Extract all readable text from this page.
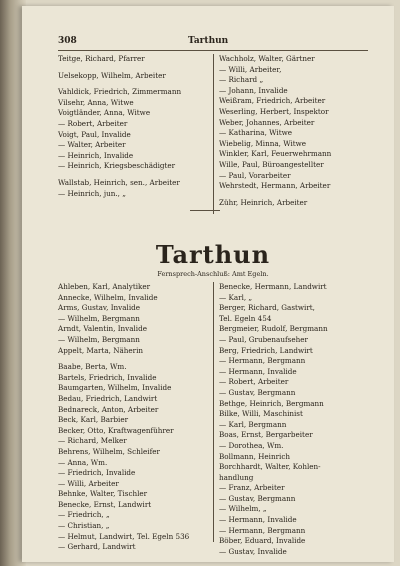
308	Tarthun
Teitge, Richard, Pfarrer
Uelsekopp, Wilhelm, Arbeiter
Vahldick, Friedrich, Zimmermann
Vilsehr, Anna, Witwe
Voigtländer, Anna, Witwe
— Robert, Arbeiter
Voigt, Paul, Invalide
— Walter, Arbeiter
— Heinrich, Invalide
— Heinrich, Kriegsbeschädigter
Wallstab, Heinrich, sen., Arbeiter
— Heinrich, jun., „
Wachholz, Walter, Gärtner
— Willi, Arbeiter,
— Richard „
— Johann, Invalide
Weißram, Friedrich, Arbeiter
Weserling, Herbert, Inspektor
Weber, Johannes, Arbeiter
— Katharina, Witwe
Wiebelig, Minna, Witwe
Winkler, Karl, Feuerwehrmann
Wille, Paul, Büroangestellter
— Paul, Vorarbeiter
Wehrstedt, Hermann, Arbeiter
Zühr, Heinrich, Arbeiter
Tarthun
Fernsprech-Anschluß: Amt Egeln.
Ahleben, Karl, Analytiker
Annecke, Wilhelm, Invalide
Arms, Gustav, Invalide
— Wilhelm, Bergmann
Arndt, Valentin, Invalide
— Wilhelm, Bergmann
Appelt, Marta, Näherin
Baabe, Berta, Wm.
Bartels, Friedrich, Invalide
Baumgarten, Wilhelm, Invalide
Bedau, Friedrich, Landwirt
Bednareck, Anton, Arbeiter
Beck, Karl, Barbier
Becker, Otto, Kraftwagenführer
— Richard, Melker
Behrens, Wilhelm, Schleifer
— Anna, Wm.
— Friedrich, Invalide
— Willi, Arbeiter
Behnke, Walter, Tischler
Benecke, Ernst, Landwirt
— Friedrich, „
— Christian, „
— Helmut, Landwirt, Tel. Egeln 536
— Gerhard, Landwirt
Benecke, Hermann, Landwirt
— Karl, „
Berger, Richard, Gastwirt,
Tel. Egeln 454
Bergmeier, Rudolf, Bergmann
— Paul, Grubenaufseher
Berg, Friedrich, Landwirt
— Hermann, Bergmann
— Hermann, Invalide
— Robert, Arbeiter
— Gustav, Bergmann
Bethge, Heinrich, Bergmann
Bilke, Willi, Maschinist
— Karl, Bergmann
Boas, Ernst, Bergarbeiter
— Dorothea, Wm.
Bollmann, Heinrich
Borchhardt, Walter, Kohlen-
handlung
— Franz, Arbeiter
— Gustav, Bergmann
— Wilhelm, „
— Hermann, Invalide
— Hermann, Bergmann
Böber, Eduard, Invalide
— Gustav, Invalide
